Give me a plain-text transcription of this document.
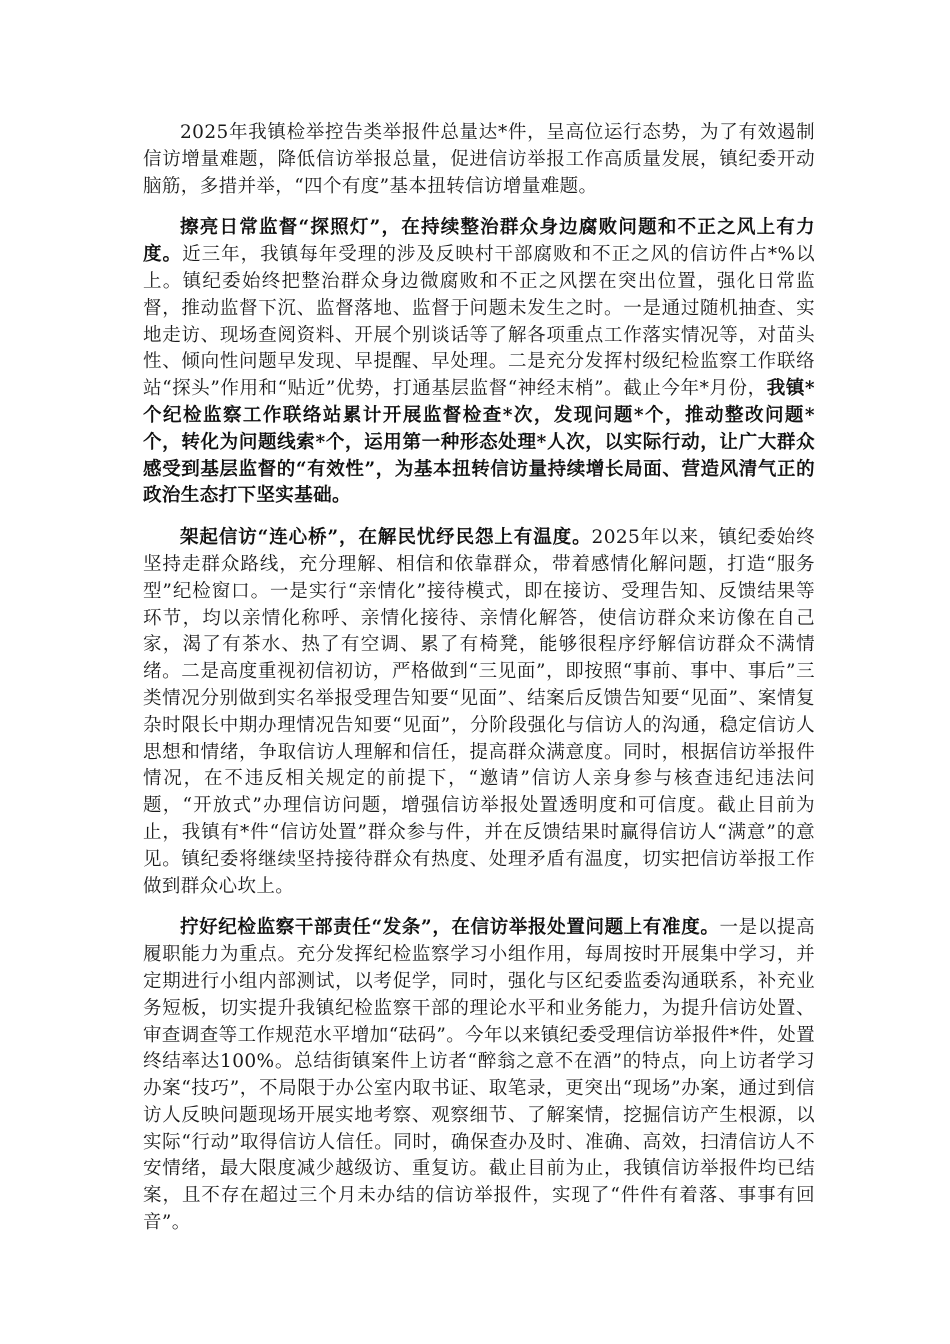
2025年我镇检举控告类举报件总量达*件，呈高位运行态势，为了有效遏制信访增量难题，降低信访举报总量，促进信访举报工作高质量发展，镇纪委开动脑筋，多措并举，“四个有度”基本扭转信访增量难题。

擦亮日常监督“探照灯”，在持续整治群众身边腐败问题和不正之风上有力度。近三年，我镇每年受理的涉及反映村干部腐败和不正之风的信访件占*%以上。镇纪委始终把整治群众身边微腐败和不正之风摆在突出位置，强化日常监督，推动监督下沉、监督落地、监督于问题未发生之时。一是通过随机抽查、实地走访、现场查阅资料、开展个别谈话等了解各项重点工作落实情况等，对苗头性、倾向性问题早发现、早提醒、早处理。二是充分发挥村级纪检监察工作联络站“探头”作用和“贴近”优势，打通基层监督“神经末梢”。截止今年*月份，我镇*个纪检监察工作联络站累计开展监督检查*次，发现问题*个，推动整改问题*个，转化为问题线索*个，运用第一种形态处理*人次，以实际行动，让广大群众感受到基层监督的“有效性”，为基本扭转信访量持续增长局面、营造风清气正的政治生态打下坚实基础。

架起信访“连心桥”，在解民忧纾民怨上有温度。2025年以来，镇纪委始终坚持走群众路线，充分理解、相信和依靠群众，带着感情化解问题，打造“服务型”纪检窗口。一是实行“亲情化”接待模式，即在接访、受理告知、反馈结果等环节，均以亲情化称呼、亲情化接待、亲情化解答，使信访群众来访像在自己家，渴了有茶水、热了有空调、累了有椅凳，能够很程序纾解信访群众不满情绪。二是高度重视初信初访，严格做到“三见面”，即按照“事前、事中、事后”三类情况分别做到实名举报受理告知要“见面”、结案后反馈告知要“见面”、案情复杂时限长中期办理情况告知要“见面”，分阶段强化与信访人的沟通，稳定信访人思想和情绪，争取信访人理解和信任，提高群众满意度。同时，根据信访举报件情况，在不违反相关规定的前提下，“邀请”信访人亲身参与核查违纪违法问题，“开放式”办理信访问题，增强信访举报处置透明度和可信度。截止目前为止，我镇有*件“信访处置”群众参与件，并在反馈结果时赢得信访人“满意”的意见。镇纪委将继续坚持接待群众有热度、处理矛盾有温度，切实把信访举报工作做到群众心坎上。

拧好纪检监察干部责任“发条”，在信访举报处置问题上有准度。一是以提高履职能力为重点。充分发挥纪检监察学习小组作用，每周按时开展集中学习，并定期进行小组内部测试，以考促学，同时，强化与区纪委监委沟通联系，补充业务短板，切实提升我镇纪检监察干部的理论水平和业务能力，为提升信访处置、审查调查等工作规范水平增加“砝码”。今年以来镇纪委受理信访举报件*件，处置终结率达100%。总结街镇案件上访者“醉翁之意不在酒”的特点，向上访者学习办案“技巧”，不局限于办公室内取书证、取笔录，更突出“现场”办案，通过到信访人反映问题现场开展实地考察、观察细节、了解案情，挖掘信访产生根源，以实际“行动”取得信访人信任。同时，确保查办及时、准确、高效，扫清信访人不安情绪，最大限度减少越级访、重复访。截止目前为止，我镇信访举报件均已结案，且不存在超过三个月未办结的信访举报件，实现了“件件有着落、事事有回音”。
